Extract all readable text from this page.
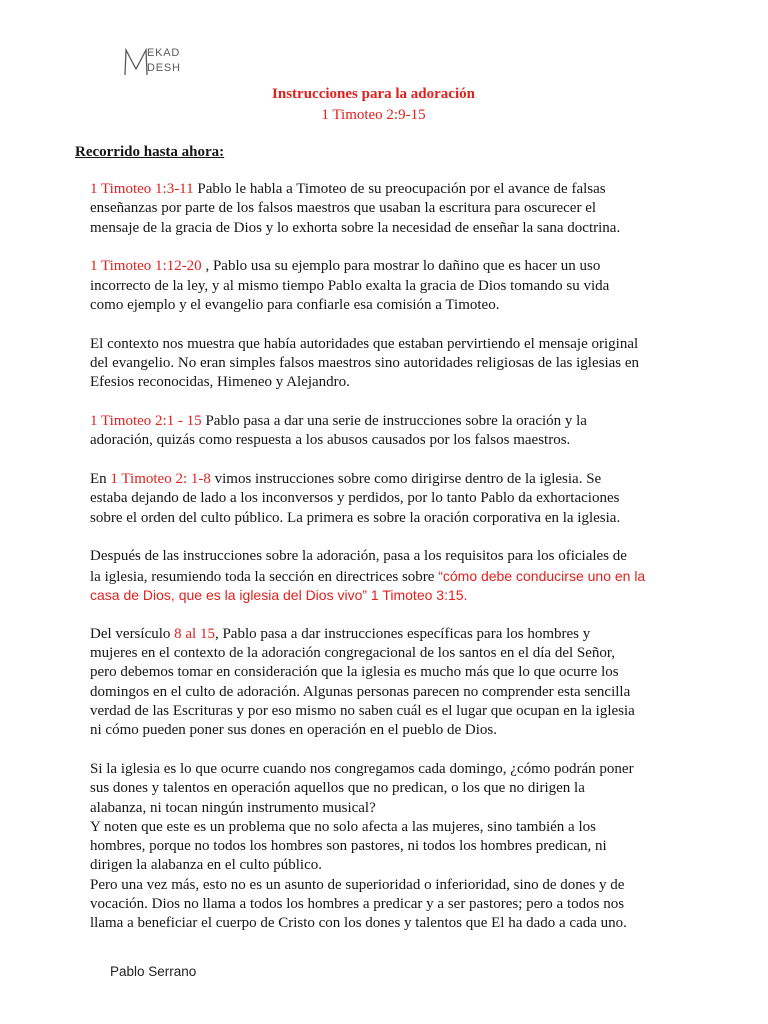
EKAD
DESH
Instrucciones para la adoración
1 Timoteo 2:9-15
Recorrido hasta ahora:
1 Timoteo 1:3-11 Pablo le habla a Timoteo de su preocupación por el avance de falsas
enseñanzas por parte de los falsos maestros que usaban la escritura para oscurecer el
mensaje de la gracia de Dios y lo exhorta sobre la necesidad de enseñar la sana doctrina.
1 Timoteo 1:12-20 , Pablo usa su ejemplo para mostrar lo dañino que es hacer un uso
incorrecto de la ley, y al mismo tiempo Pablo exalta la gracia de Dios tomando su vida
como ejemplo y el evangelio para confiarle esa comisión a Timoteo.
El contexto nos muestra que había autoridades que estaban pervirtiendo el mensaje original
del evangelio. No eran simples falsos maestros sino autoridades religiosas de las iglesias en
Efesios reconocidas, Himeneo y Alejandro.
1 Timoteo 2:1 - 15 Pablo pasa a dar una serie de instrucciones sobre la oración y la
adoración, quizás como respuesta a los abusos causados por los falsos maestros.
En 1 Timoteo 2: 1-8 vimos instrucciones sobre como dirigirse dentro de la iglesia. Se
estaba dejando de lado a los inconversos y perdidos, por lo tanto Pablo da exhortaciones
sobre el orden del culto público. La primera es sobre la oración corporativa en la iglesia.
Después de las instrucciones sobre la adoración, pasa a los requisitos para los oficiales de
la iglesia, resumiendo toda la sección en directrices sobre “cómo debe conducirse uno en la
casa de Dios, que es la iglesia del Dios vivo” 1 Timoteo 3:15.
Del versículo 8 al 15, Pablo pasa a dar instrucciones específicas para los hombres y
mujeres en el contexto de la adoración congregacional de los santos en el día del Señor,
pero debemos tomar en consideración que la iglesia es mucho más que lo que ocurre los
domingos en el culto de adoración. Algunas personas parecen no comprender esta sencilla
verdad de las Escrituras y por eso mismo no saben cuál es el lugar que ocupan en la iglesia
ni cómo pueden poner sus dones en operación en el pueblo de Dios.
Si la iglesia es lo que ocurre cuando nos congregamos cada domingo, ¿cómo podrán poner
sus dones y talentos en operación aquellos que no predican, o los que no dirigen la
alabanza, ni tocan ningún instrumento musical?
Y noten que este es un problema que no solo afecta a las mujeres, sino también a los
hombres, porque no todos los hombres son pastores, ni todos los hombres predican, ni
dirigen la alabanza en el culto público.
Pero una vez más, esto no es un asunto de superioridad o inferioridad, sino de dones y de
vocación. Dios no llama a todos los hombres a predicar y a ser pastores; pero a todos nos
llama a beneficiar el cuerpo de Cristo con los dones y talentos que El ha dado a cada uno.
Pablo Serrano
